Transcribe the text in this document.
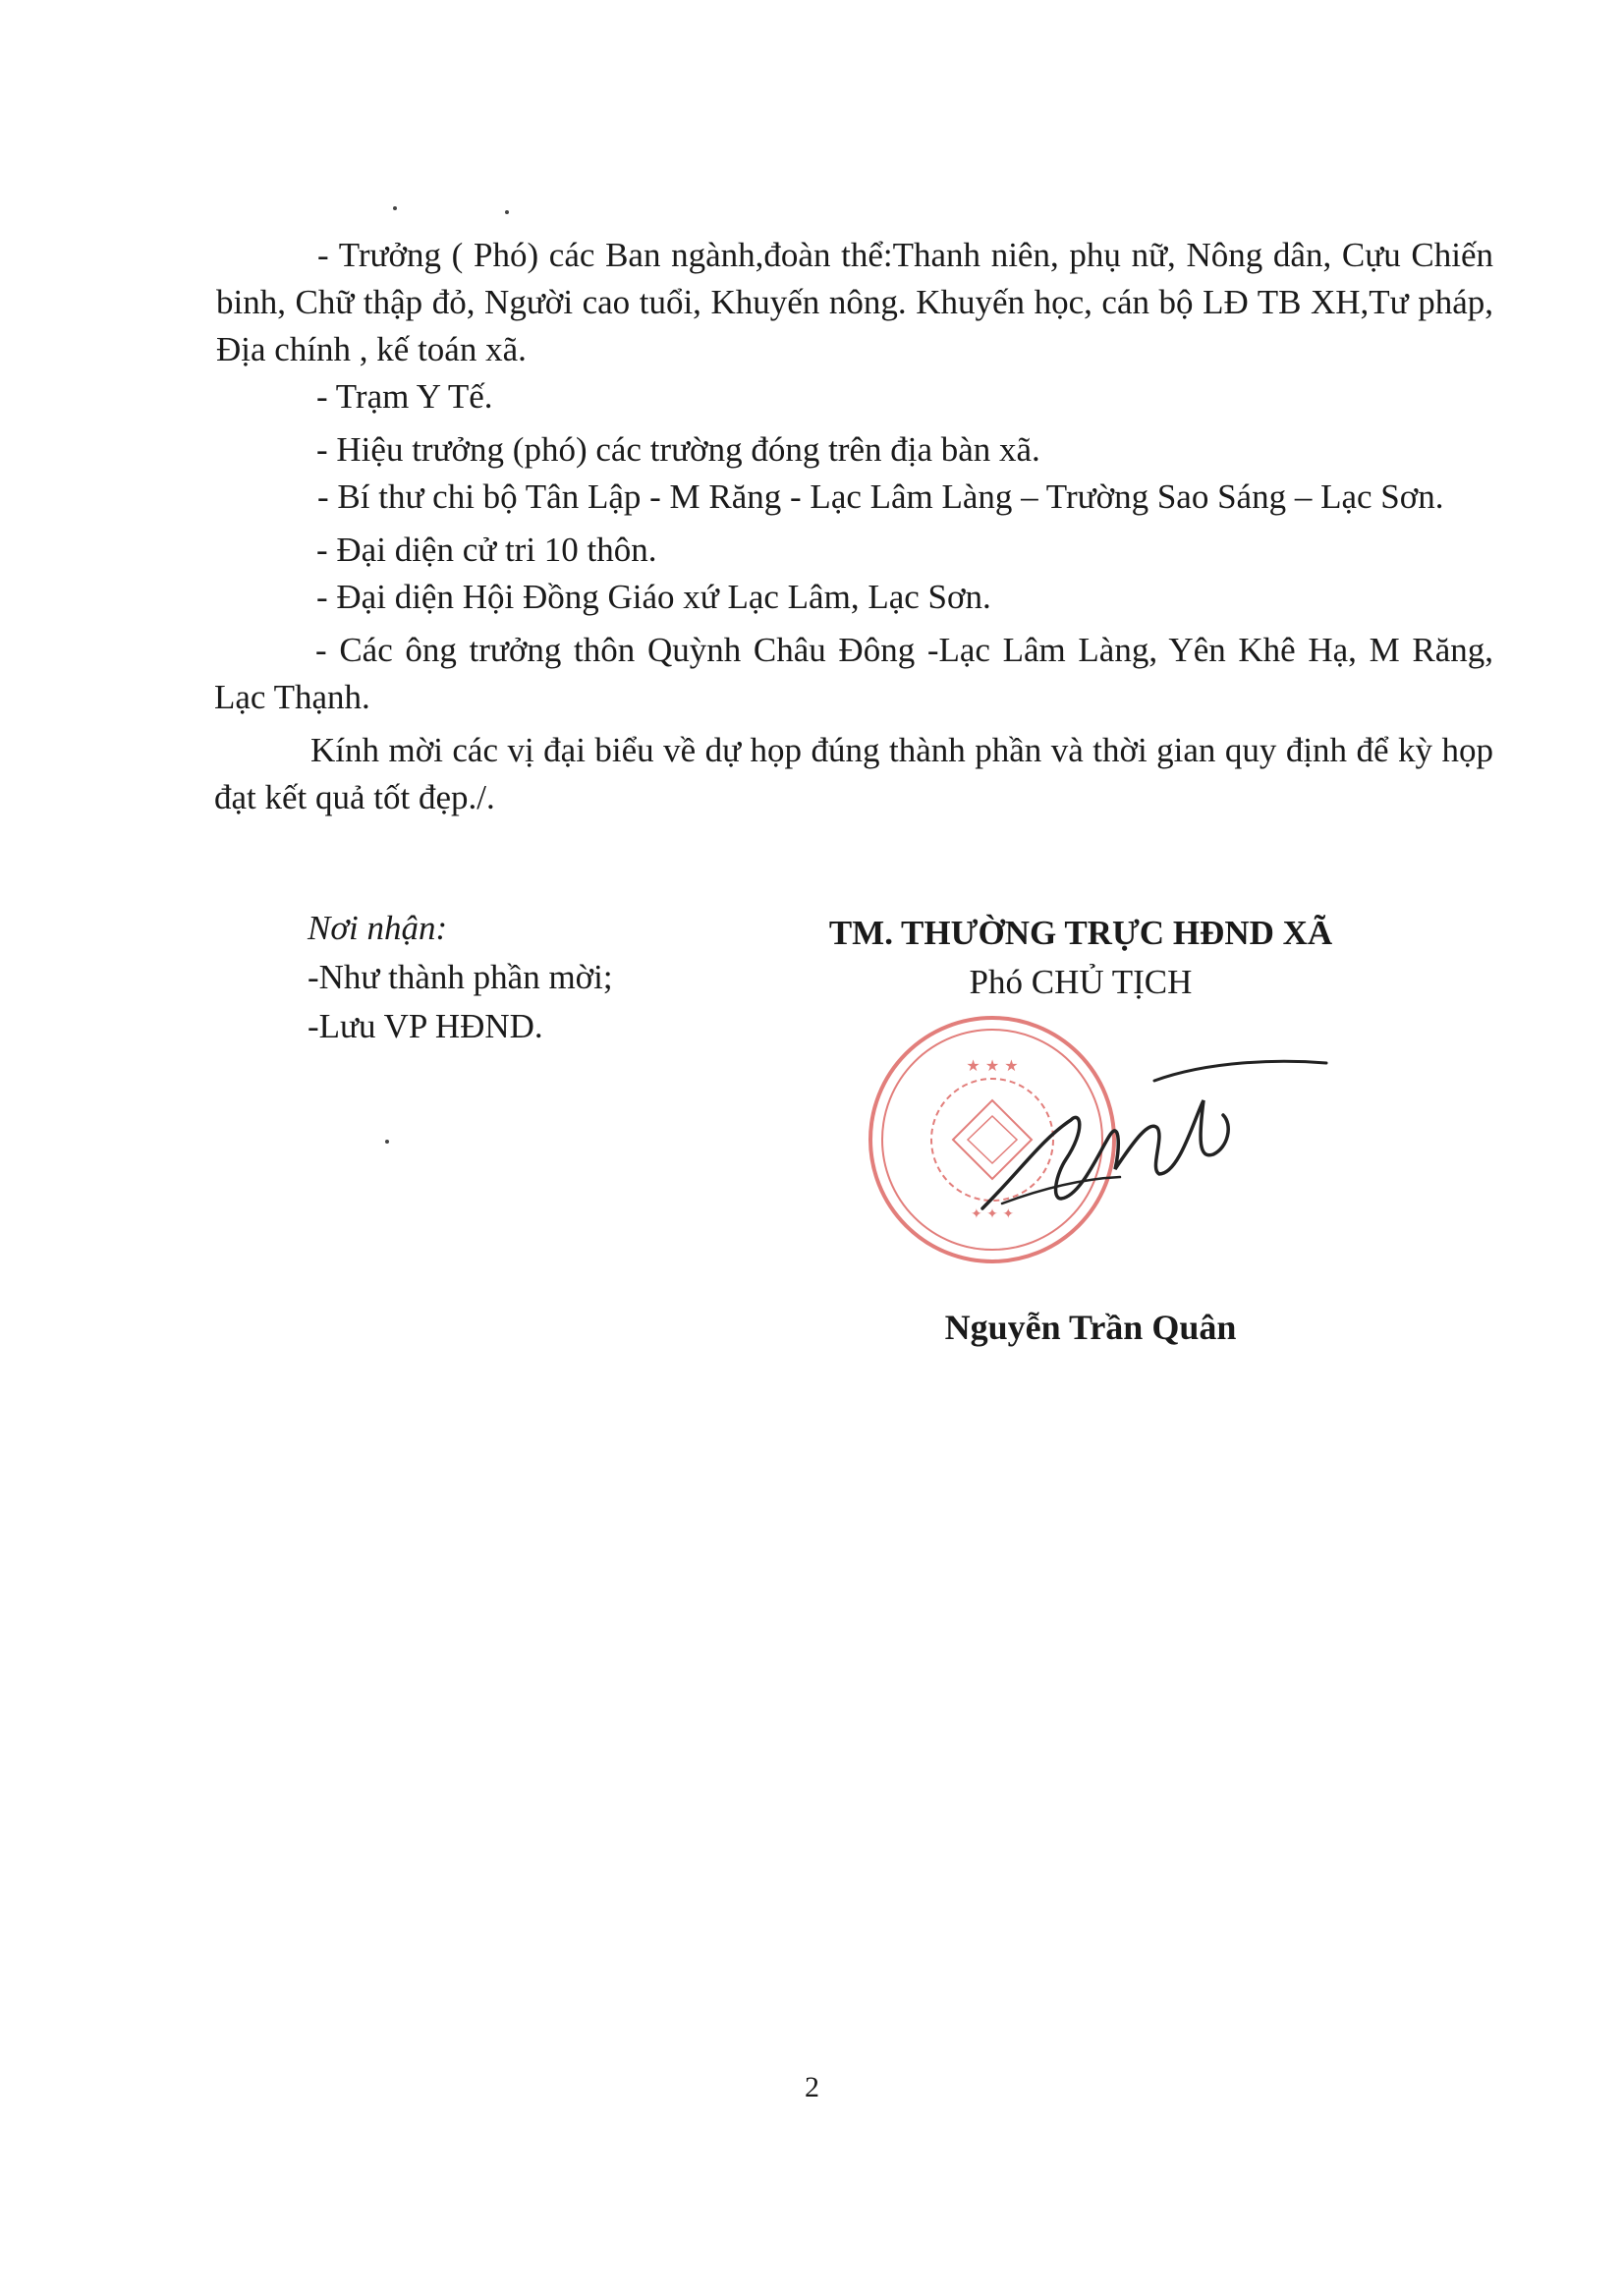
- Trưởng ( Phó) các Ban ngành,đoàn thể:Thanh niên, phụ nữ, Nông dân, Cựu Chiến binh, Chữ thập đỏ, Người cao tuổi, Khuyến nông. Khuyến học, cán bộ LĐ TB XH,Tư pháp, Địa chính , kế toán xã.

- Trạm Y Tế.

- Hiệu trưởng (phó) các trường đóng trên địa bàn xã.

- Bí thư chi bộ Tân Lập - M Răng - Lạc Lâm Làng – Trường Sao Sáng – Lạc Sơn.

- Đại diện cử tri 10 thôn.

- Đại diện Hội Đồng Giáo xứ Lạc Lâm, Lạc Sơn.

- Các ông trưởng thôn Quỳnh Châu Đông -Lạc Lâm Làng, Yên Khê Hạ, M Răng, Lạc Thạnh.

Kính mời các vị đại biểu về dự họp đúng thành phần và thời gian quy định để kỳ họp đạt kết quả tốt đẹp./.

Nơi nhận:
-Như thành phần mời;
-Lưu VP HĐND.
TM. THƯỜNG TRỰC HĐND XÃ
Phó CHỦ TỊCH
★ ★ ★
✦ ✦ ✦
Nguyễn Trần Quân
2
